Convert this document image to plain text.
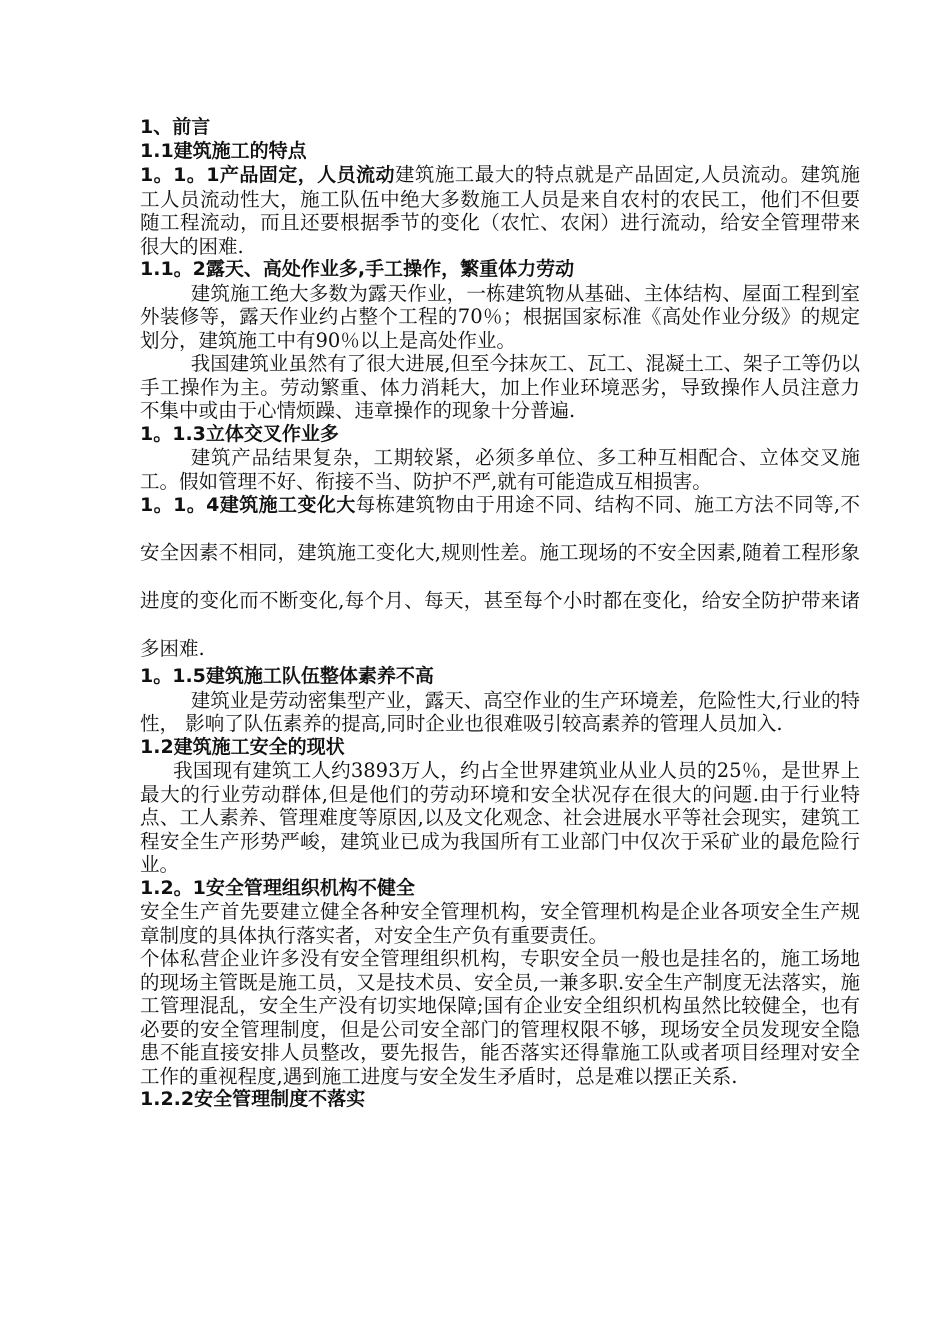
1、前言

1.1建筑施工的特点

1。1。1产品固定，人员流动建筑施工最大的特点就是产品固定,人员流动。建筑施工人员流动性大，施工队伍中绝大多数施工人员是来自农村的农民工，他们不但要随工程流动，而且还要根据季节的变化（农忙、农闲）进行流动，给安全管理带来很大的困难.

1.1。2露天、高处作业多,手工操作，繁重体力劳动

建筑施工绝大多数为露天作业，一栋建筑物从基础、主体结构、屋面工程到室外装修等，露天作业约占整个工程的70％；根据国家标准《高处作业分级》的规定划分，建筑施工中有90％以上是高处作业。

我国建筑业虽然有了很大进展,但至今抹灰工、瓦工、混凝土工、架子工等仍以手工操作为主。劳动繁重、体力消耗大，加上作业环境恶劣，导致操作人员注意力不集中或由于心情烦躁、违章操作的现象十分普遍.

1。1.3立体交叉作业多

建筑产品结果复杂，工期较紧，必须多单位、多工种互相配合、立体交叉施工。假如管理不好、衔接不当、防护不严,就有可能造成互相损害。

1。1。4建筑施工变化大每栋建筑物由于用途不同、结构不同、施工方法不同等,不安全因素不相同，建筑施工变化大,规则性差。施工现场的不安全因素,随着工程形象进度的变化而不断变化,每个月、每天，甚至每个小时都在变化，给安全防护带来诸多困难.

1。1.5建筑施工队伍整体素养不高

建筑业是劳动密集型产业，露天、高空作业的生产环境差，危险性大,行业的特性， 影响了队伍素养的提高,同时企业也很难吸引较高素养的管理人员加入.

1.2建筑施工安全的现状

我国现有建筑工人约3893万人，约占全世界建筑业从业人员的25％，是世界上最大的行业劳动群体,但是他们的劳动环境和安全状况存在很大的问题.由于行业特点、工人素养、管理难度等原因,以及文化观念、社会进展水平等社会现实，建筑工程安全生产形势严峻，建筑业已成为我国所有工业部门中仅次于采矿业的最危险行业。

1.2。1安全管理组织机构不健全

安全生产首先要建立健全各种安全管理机构，安全管理机构是企业各项安全生产规章制度的具体执行落实者，对安全生产负有重要责任。

个体私营企业许多没有安全管理组织机构，专职安全员一般也是挂名的，施工场地的现场主管既是施工员，又是技术员、安全员,一兼多职.安全生产制度无法落实，施工管理混乱，安全生产没有切实地保障;国有企业安全组织机构虽然比较健全，也有必要的安全管理制度，但是公司安全部门的管理权限不够，现场安全员发现安全隐患不能直接安排人员整改，要先报告，能否落实还得靠施工队或者项目经理对安全工作的重视程度,遇到施工进度与安全发生矛盾时，总是难以摆正关系.

1.2.2安全管理制度不落实
